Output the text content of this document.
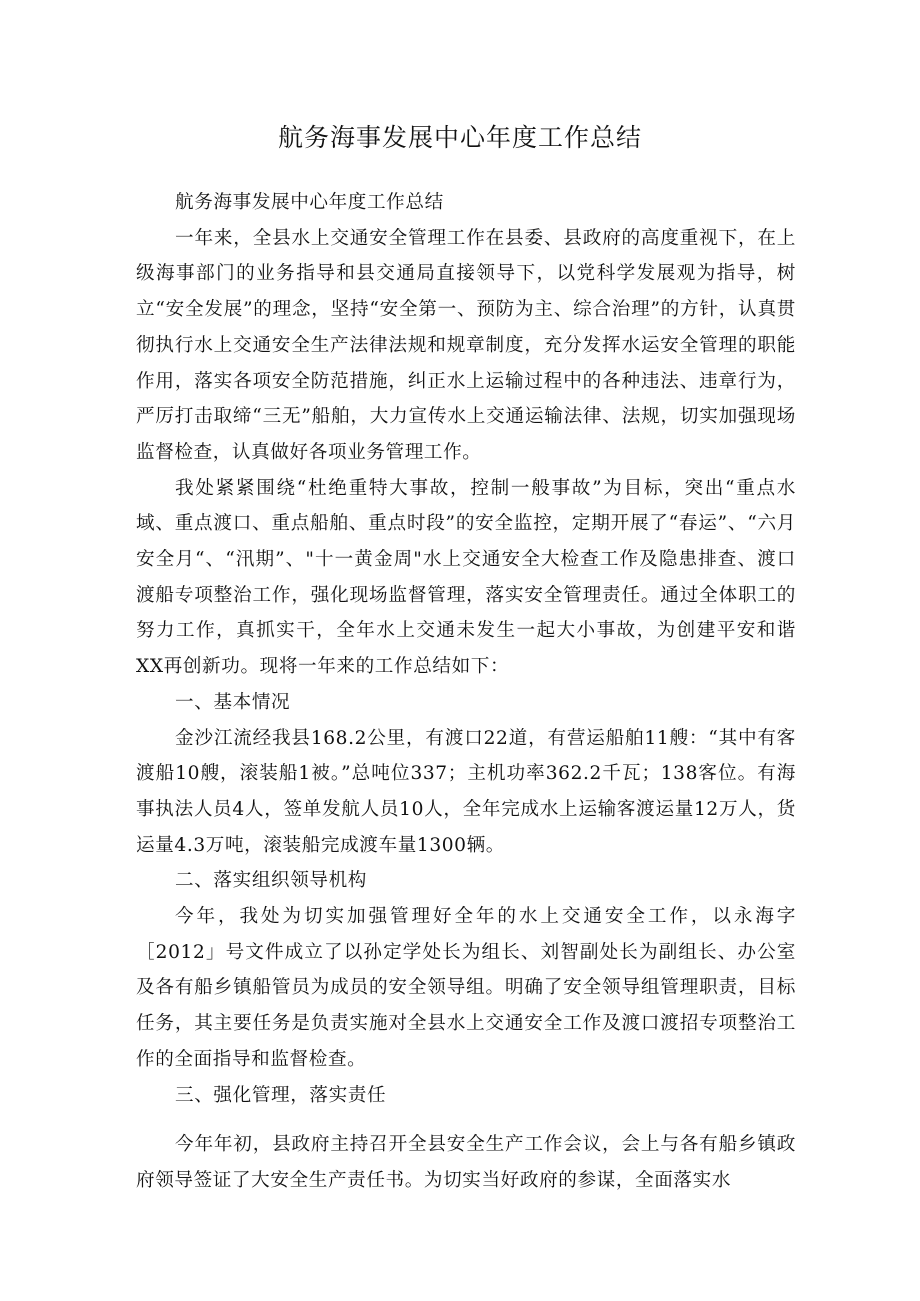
航务海事发展中心年度工作总结

航务海事发展中心年度工作总结

一年来，全县水上交通安全管理工作在县委、县政府的高度重视下，在上级海事部门的业务指导和县交通局直接领导下，以党科学发展观为指导，树立“安全发展”的理念，坚持“安全第一、预防为主、综合治理”的方针，认真贯彻执行水上交通安全生产法律法规和规章制度，充分发挥水运安全管理的职能作用，落实各项安全防范措施，纠正水上运输过程中的各种违法、违章行为，严厉打击取缔“三无”船舶，大力宣传水上交通运输法律、法规，切实加强现场监督检查，认真做好各项业务管理工作。

我处紧紧围绕“杜绝重特大事故，控制一般事故”为目标，突出“重点水域、重点渡口、重点船舶、重点时段”的安全监控，定期开展了“春运”、“六月安全月“、“汛期”、"十一黄金周"水上交通安全大检查工作及隐患排查、渡口渡船专项整治工作，强化现场监督管理，落实安全管理责任。通过全体职工的努力工作，真抓实干，全年水上交通未发生一起大小事故，为创建平安和谐XX再创新功。现将一年来的工作总结如下：

一、基本情况

金沙江流经我县168.2公里，有渡口22道，有营运船舶11艘：“其中有客渡船10艘，滚装船1被。”总吨位337；主机功率362.2千瓦；138客位。有海事执法人员4人，签单发航人员10人，全年完成水上运输客渡运量12万人，货运量4.3万吨，滚装船完成渡车量1300辆。

二、落实组织领导机构

今年，我处为切实加强管理好全年的水上交通安全工作，以永海字［2012」号文件成立了以孙定学处长为组长、刘智副处长为副组长、办公室及各有船乡镇船管员为成员的安全领导组。明确了安全领导组管理职责，目标任务，其主要任务是负责实施对全县水上交通安全工作及渡口渡招专项整治工作的全面指导和监督检查。

三、强化管理，落实责任

今年年初，县政府主持召开全县安全生产工作会议，会上与各有船乡镇政府领导签证了大安全生产责任书。为切实当好政府的参谋，全面落实水
